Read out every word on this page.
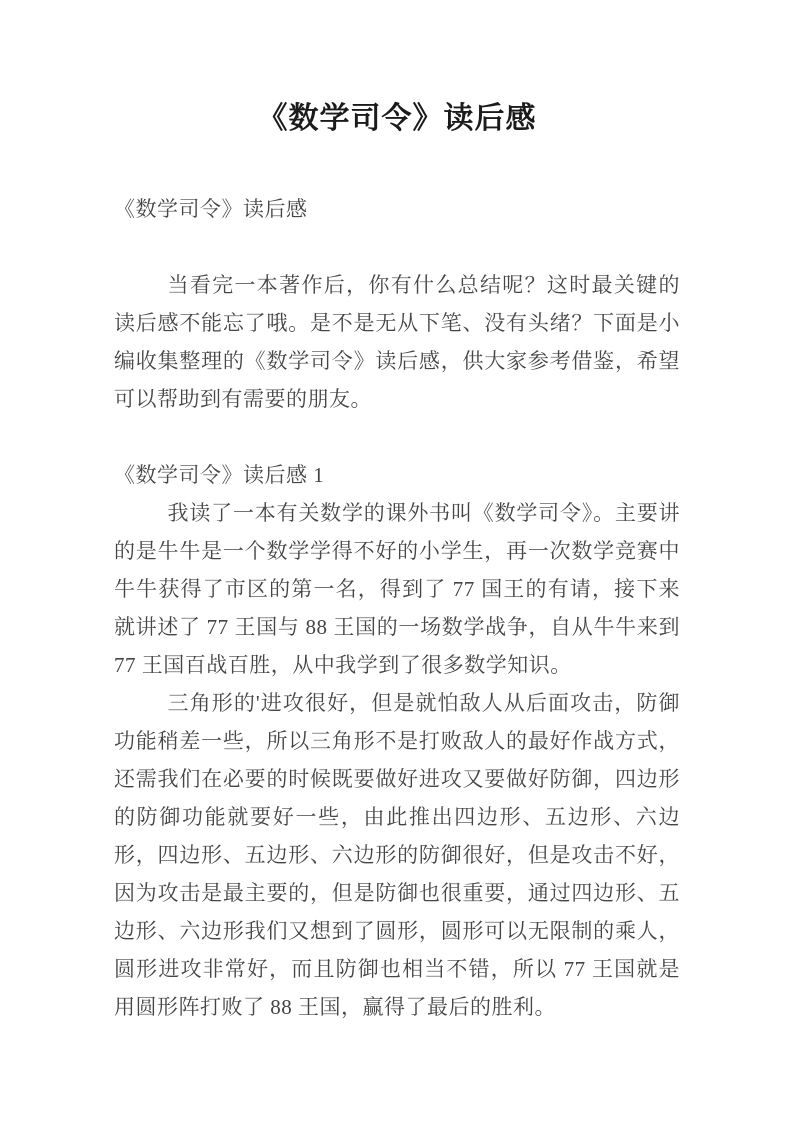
《数学司令》读后感

《数学司令》读后感

当看完一本著作后，你有什么总结呢？这时最关键的读后感不能忘了哦。是不是无从下笔、没有头绪？下面是小编收集整理的《数学司令》读后感，供大家参考借鉴，希望可以帮助到有需要的朋友。

《数学司令》读后感 1

我读了一本有关数学的课外书叫《数学司令》。主要讲的是牛牛是一个数学学得不好的小学生，再一次数学竞赛中牛牛获得了市区的第一名，得到了 77 国王的有请，接下来就讲述了 77 王国与 88 王国的一场数学战争，自从牛牛来到 77 王国百战百胜，从中我学到了很多数学知识。

三角形的'进攻很好，但是就怕敌人从后面攻击，防御功能稍差一些，所以三角形不是打败敌人的最好作战方式，还需我们在必要的时候既要做好进攻又要做好防御，四边形的防御功能就要好一些，由此推出四边形、五边形、六边形，四边形、五边形、六边形的防御很好，但是攻击不好，因为攻击是最主要的，但是防御也很重要，通过四边形、五边形、六边形我们又想到了圆形，圆形可以无限制的乘人，圆形进攻非常好，而且防御也相当不错，所以 77 王国就是用圆形阵打败了 88 王国，赢得了最后的胜利。
